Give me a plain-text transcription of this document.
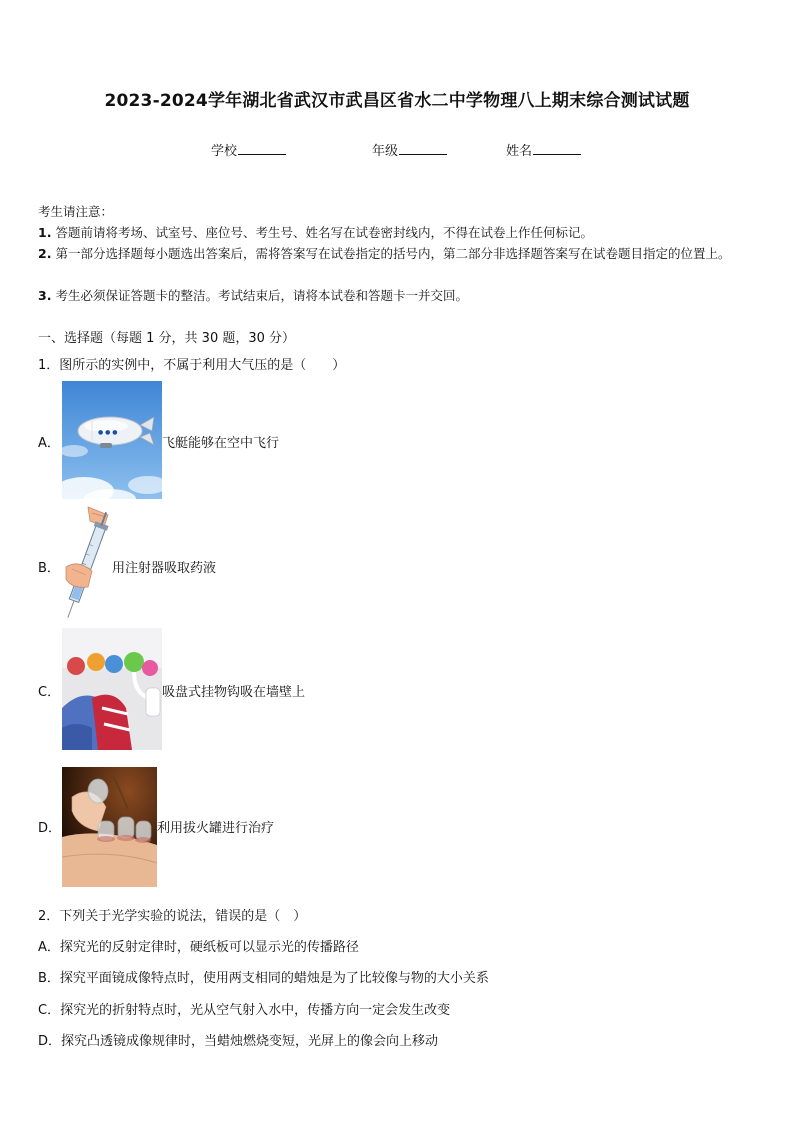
2023-2024学年湖北省武汉市武昌区省水二中学物理八上期末综合测试试题
学校	年级	姓名
考生请注意：
1. 答题前请将考场、试室号、座位号、考生号、姓名写在试卷密封线内，不得在试卷上作任何标记。
2. 第一部分选择题每小题选出答案后，需将答案写在试卷指定的括号内，第二部分非选择题答案写在试卷题目指定的位置上。
3. 考生必须保证答题卡的整洁。考试结束后，请将本试卷和答题卡一并交回。
一、选择题（每题 1 分，共 30 题，30 分）
1．图所示的实例中，不属于利用大气压的是（　　）
A．
● ● ●
飞艇能够在空中飞行
B．	用注射器吸取药液
C．	吸盘式挂物钩吸在墙壁上
D．	利用拔火罐进行治疗
2．下列关于光学实验的说法，错误的是（　）
A．探究光的反射定律时，硬纸板可以显示光的传播路径
B．探究平面镜成像特点时，使用两支相同的蜡烛是为了比较像与物的大小关系
C．探究光的折射特点时，光从空气射入水中，传播方向一定会发生改变
D．探究凸透镜成像规律时，当蜡烛燃烧变短，光屏上的像会向上移动
